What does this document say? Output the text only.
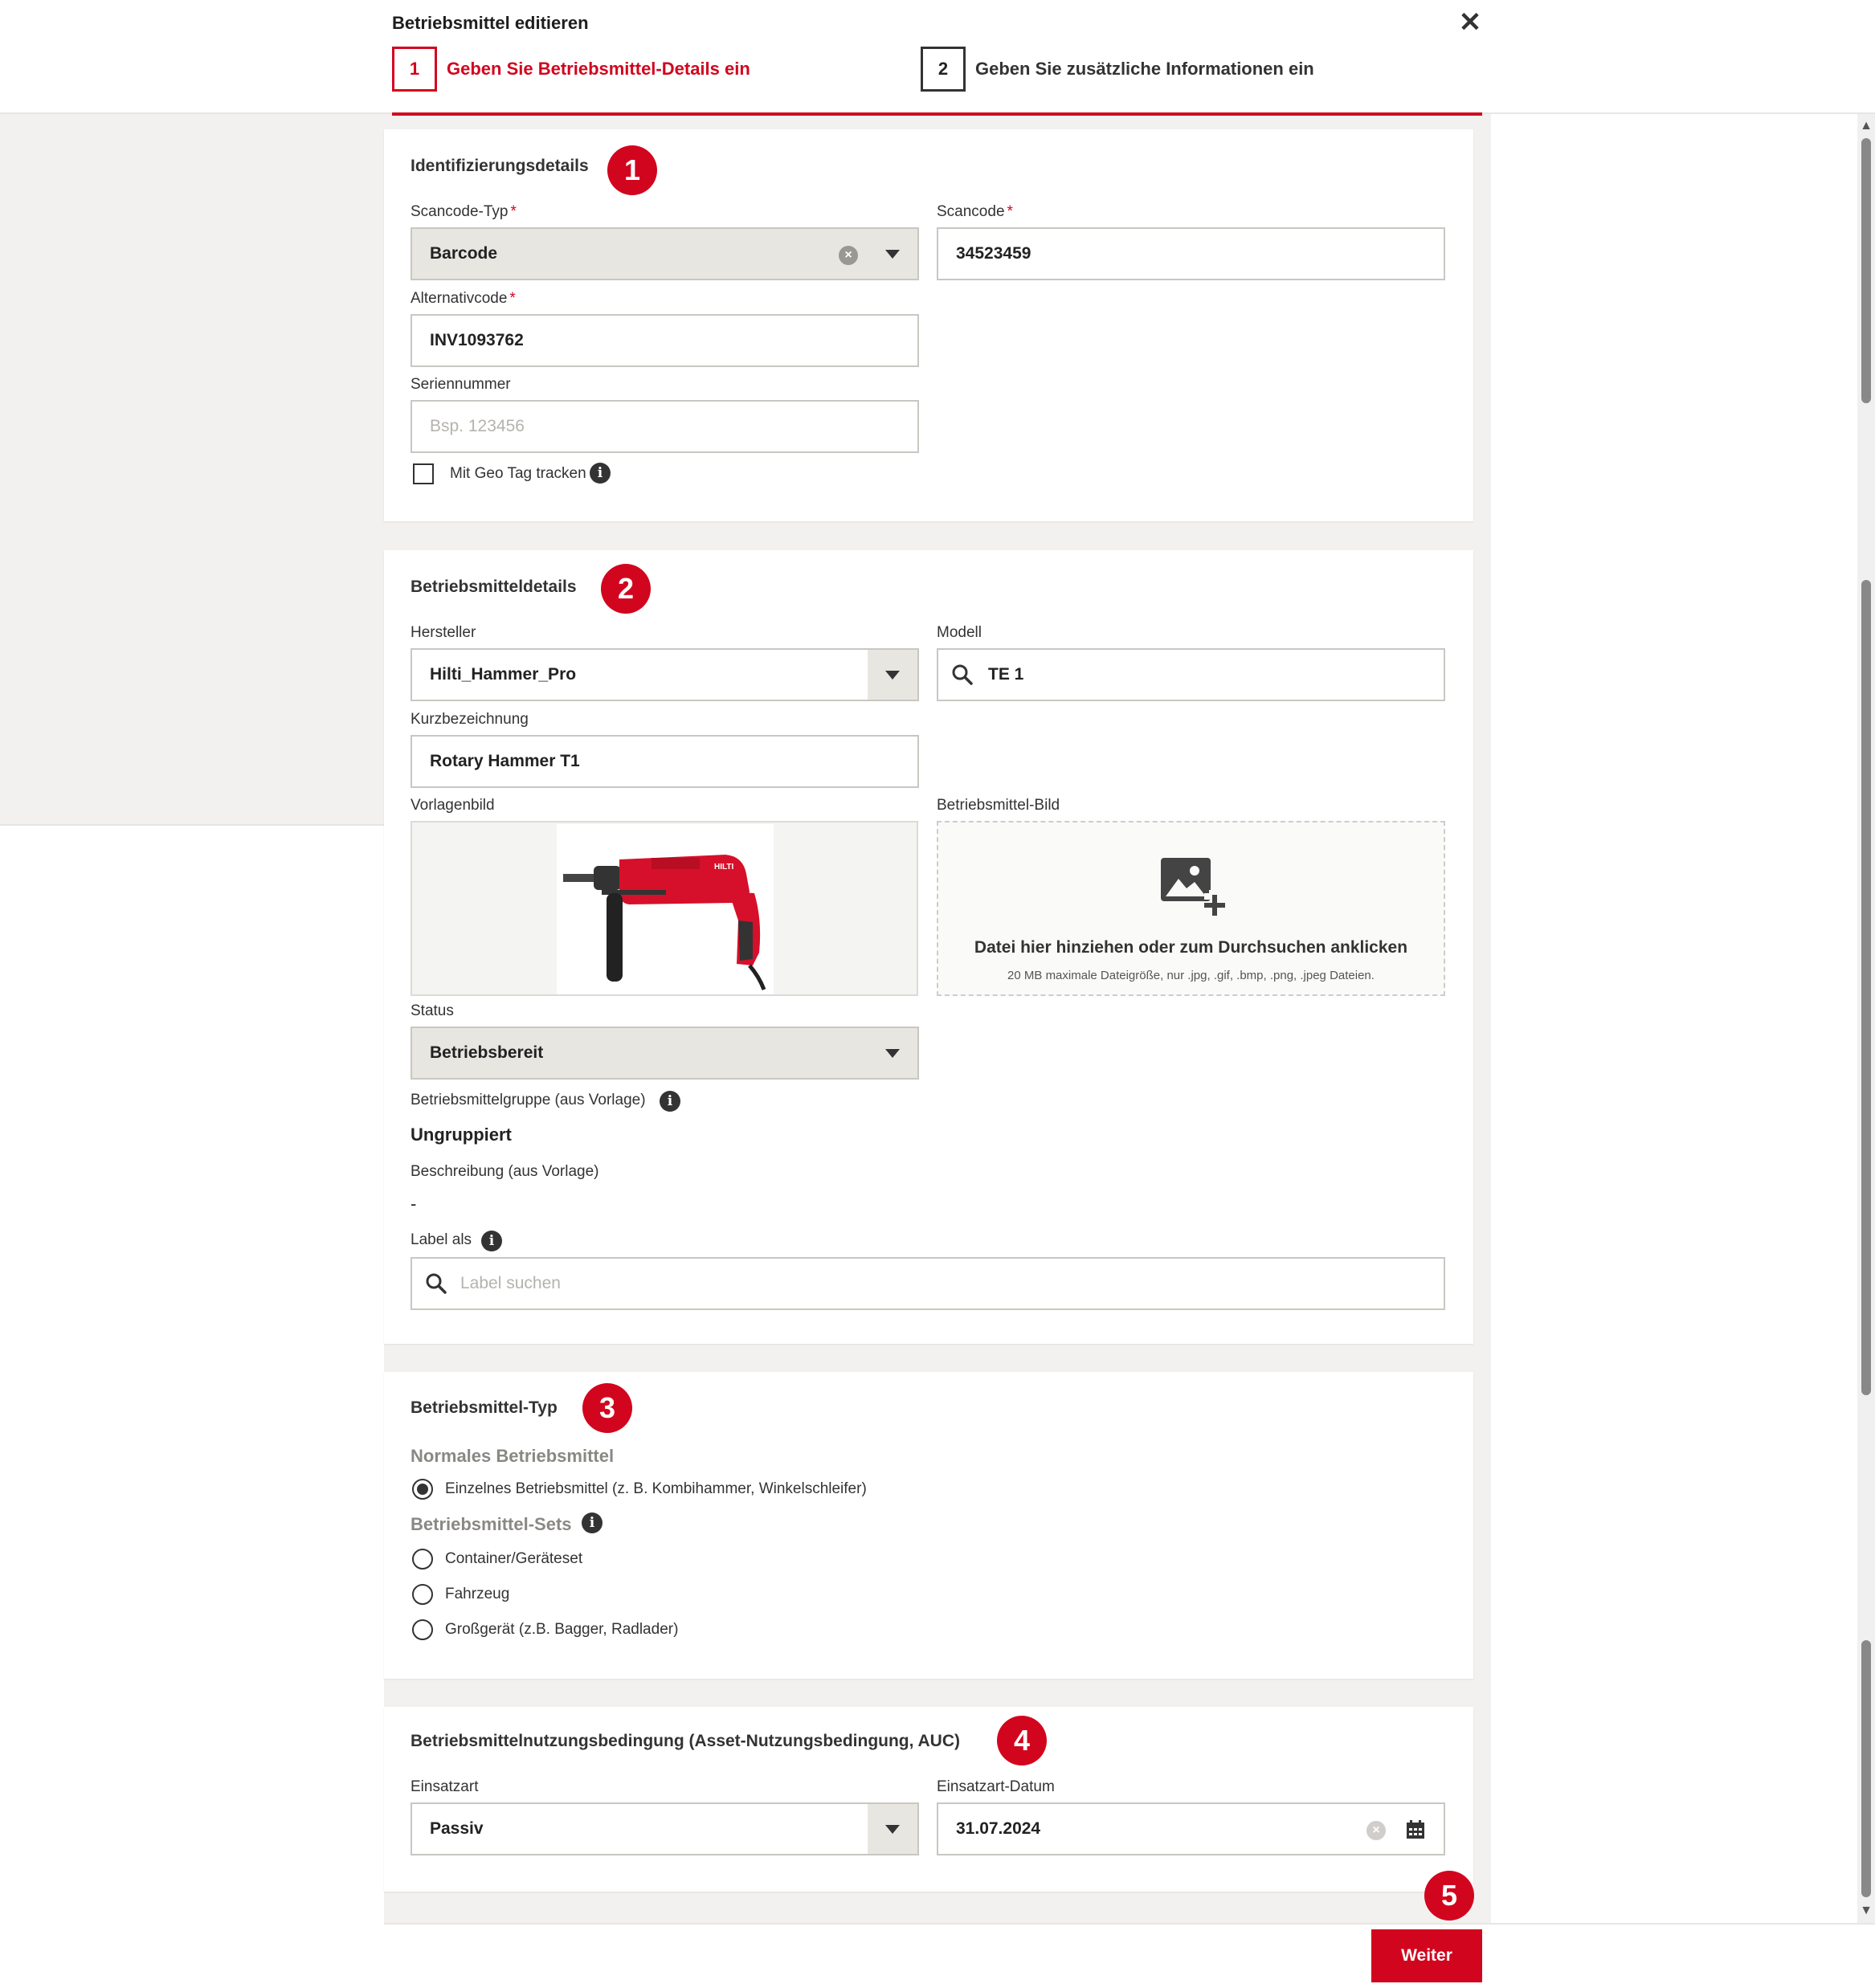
Betriebsmittel editieren	✕
1	Geben Sie Betriebsmittel-Details ein	2	Geben Sie zusätzliche Informationen ein
▲
▼
Identifizierungsdetails	1
Scancode-Typ *
Barcode	×
Scancode *
34523459
Alternativcode *
INV1093762
Seriennummer
Bsp. 123456
Mit Geo Tag tracken i
Betriebsmitteldetails	2
Hersteller
Hilti_Hammer_Pro
Modell
TE 1
Kurzbezeichnung
Rotary Hammer T1
Vorlagenbild	Betriebsmittel-Bild
HILTI
Datei hier hinziehen oder zum Durchsuchen anklicken
20 MB maximale Dateigröße, nur .jpg, .gif, .bmp, .png, .jpeg Dateien.
Status
Betriebsbereit
Betriebsmittelgruppe (aus Vorlage)	i
Ungruppiert
Beschreibung (aus Vorlage)
-
Label als	i
Label suchen
Betriebsmittel-Typ	3
Normales Betriebsmittel
Einzelnes Betriebsmittel (z. B. Kombihammer, Winkelschleifer)
Betriebsmittel-Sets	i
Container/Geräteset
Fahrzeug
Großgerät (z.B. Bagger, Radlader)
Betriebsmittelnutzungsbedingung (Asset-Nutzungsbedingung, AUC)	4
Einsatzart
Passiv
Einsatzart-Datum
31.07.2024	×
5
Weiter
